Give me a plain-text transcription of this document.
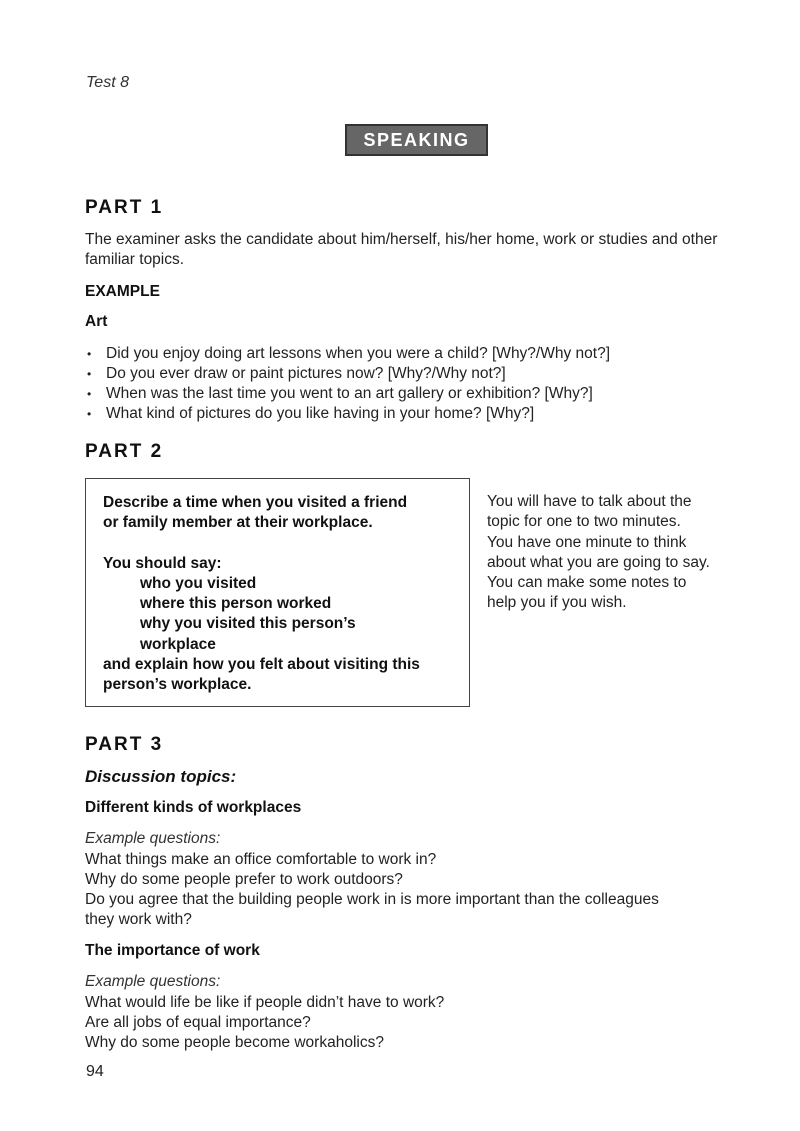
Test 8
SPEAKING
PART 1
The examiner asks the candidate about him/herself, his/her home, work or studies and other familiar topics.
EXAMPLE
Art
• Did you enjoy doing art lessons when you were a child? [Why?/Why not?]
• Do you ever draw or paint pictures now? [Why?/Why not?]
• When was the last time you went to an art gallery or exhibition? [Why?]
• What kind of pictures do you like having in your home? [Why?]
PART 2
Describe a time when you visited a friend
or family member at their workplace.
You should say:
who you visited
where this person worked
why you visited this person’s
workplace
and explain how you felt about visiting this
person’s workplace.
You will have to talk about the
topic for one to two minutes.
You have one minute to think
about what you are going to say.
You can make some notes to
help you if you wish.
PART 3
Discussion topics:
Different kinds of workplaces
Example questions:
What things make an office comfortable to work in?
Why do some people prefer to work outdoors?
Do you agree that the building people work in is more important than the colleagues
they work with?
The importance of work
Example questions:
What would life be like if people didn’t have to work?
Are all jobs of equal importance?
Why do some people become workaholics?
94
